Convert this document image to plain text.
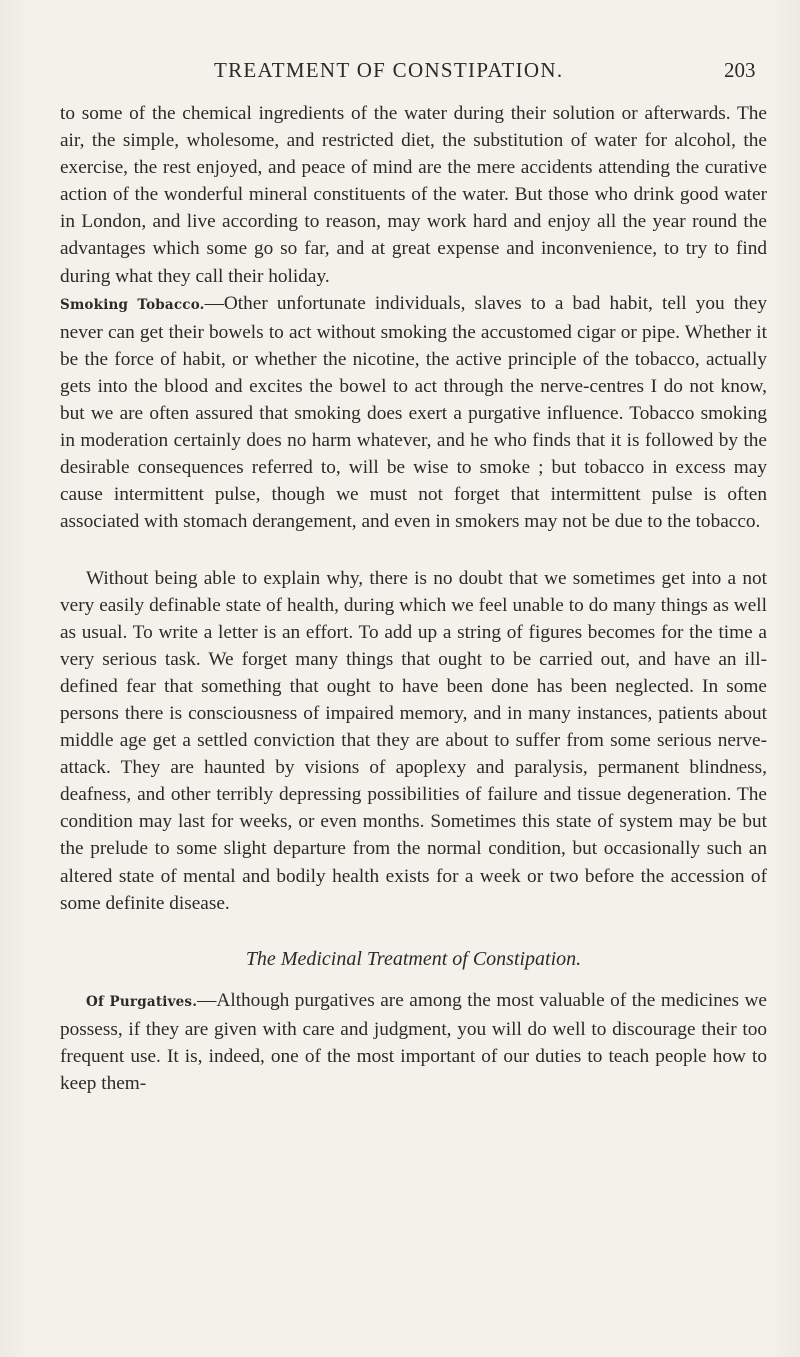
TREATMENT OF CONSTIPATION.	203

to some of the chemical ingredients of the water during their solution or afterwards. The air, the simple, wholesome, and restricted diet, the substitution of water for alcohol, the exercise, the rest enjoyed, and peace of mind are the mere accidents attending the curative action of the wonderful mineral constituents of the water. But those who drink good water in London, and live according to reason, may work hard and enjoy all the year round the advantages which some go so far, and at great expense and inconvenience, to try to find during what they call their holiday.

Smoking Tobacco.—Other unfortunate individuals, slaves to a bad habit, tell you they never can get their bowels to act without smoking the accustomed cigar or pipe. Whether it be the force of habit, or whether the nicotine, the active principle of the tobacco, actually gets into the blood and excites the bowel to act through the nerve-centres I do not know, but we are often assured that smoking does exert a purgative influence. Tobacco smoking in moderation certainly does no harm whatever, and he who finds that it is followed by the desirable consequences referred to, will be wise to smoke ; but tobacco in excess may cause intermittent pulse, though we must not forget that intermittent pulse is often associated with stomach derangement, and even in smokers may not be due to the tobacco.

Without being able to explain why, there is no doubt that we sometimes get into a not very easily definable state of health, during which we feel unable to do many things as well as usual. To write a letter is an effort. To add up a string of figures becomes for the time a very serious task. We forget many things that ought to be carried out, and have an ill-defined fear that something that ought to have been done has been neglected. In some persons there is consciousness of impaired memory, and in many instances, patients about middle age get a settled conviction that they are about to suffer from some serious nerve-attack. They are haunted by visions of apoplexy and paralysis, permanent blindness, deafness, and other terribly depressing possibilities of failure and tissue degeneration. The condition may last for weeks, or even months. Sometimes this state of system may be but the prelude to some slight departure from the normal condition, but occasionally such an altered state of mental and bodily health exists for a week or two before the accession of some definite disease.

The Medicinal Treatment of Constipation.

Of Purgatives.—Although purgatives are among the most valuable of the medicines we possess, if they are given with care and judgment, you will do well to discourage their too frequent use. It is, indeed, one of the most important of our duties to teach people how to keep them-
